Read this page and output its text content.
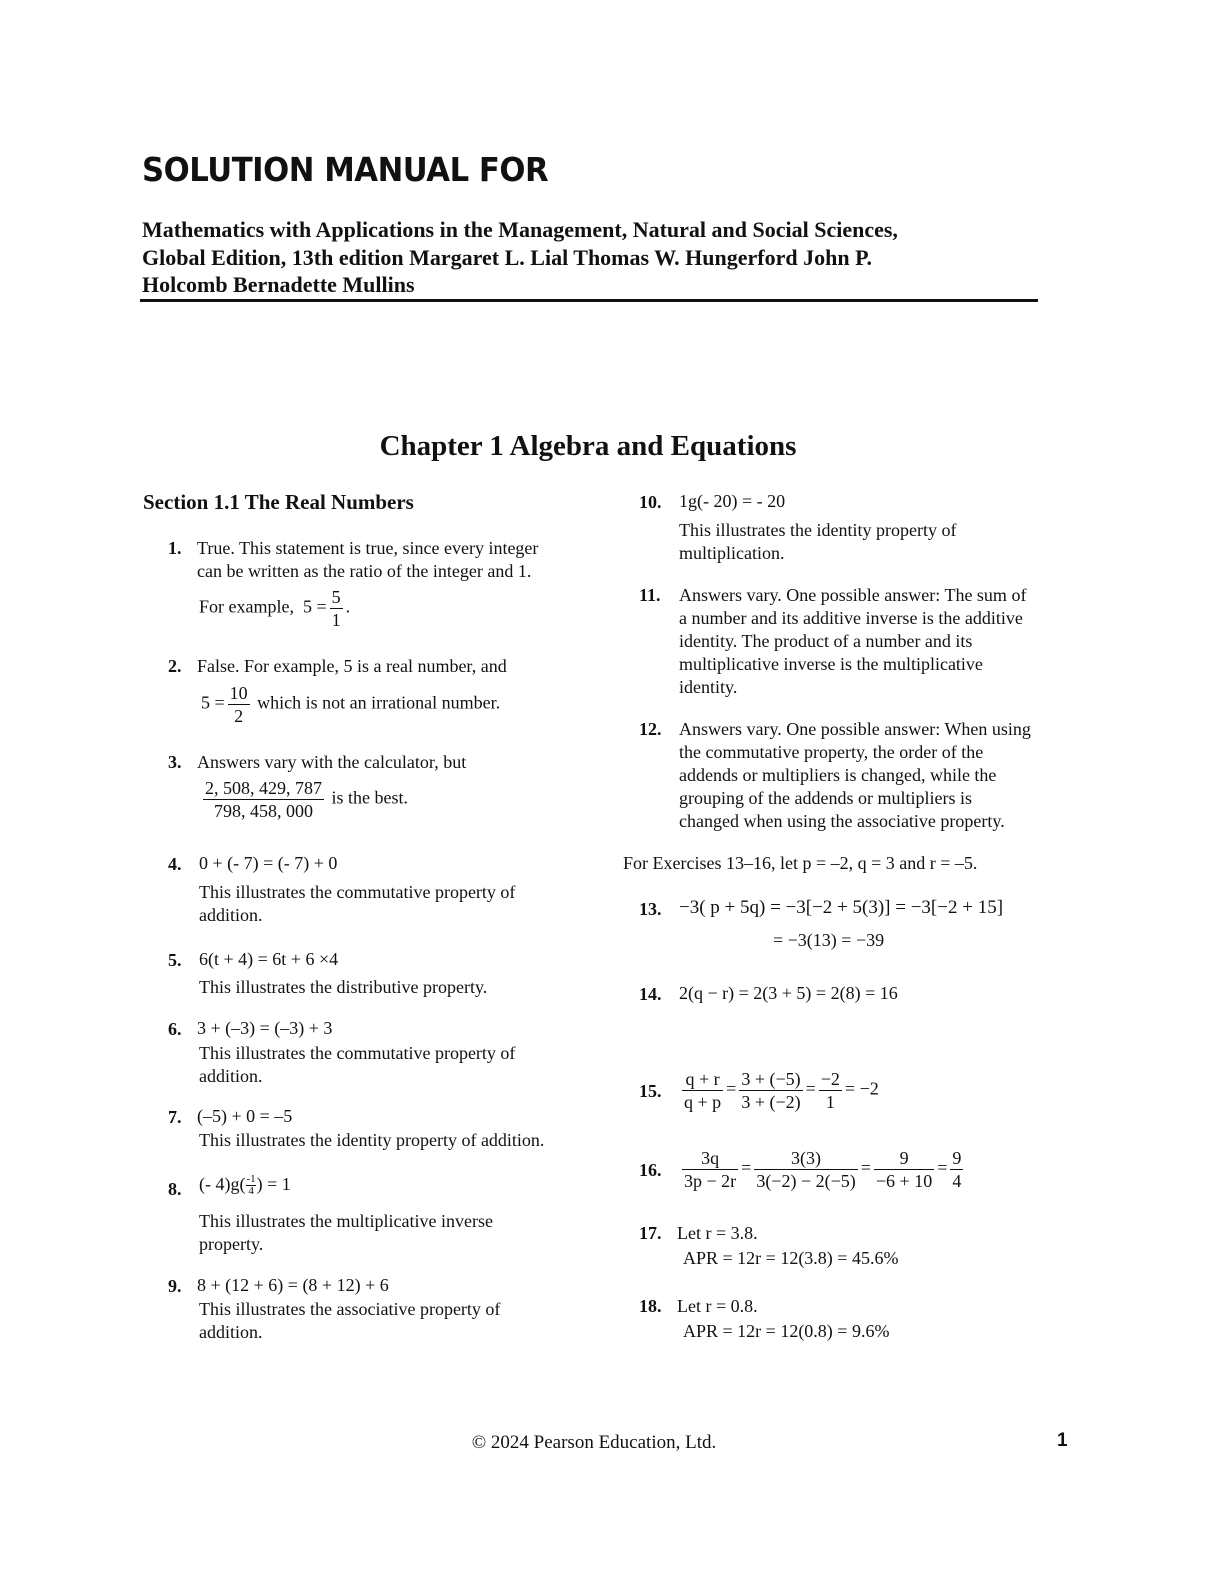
SOLUTION MANUAL FOR
Mathematics with Applications in the Management, Natural and Social Sciences,
Global Edition, 13th edition Margaret L. Lial Thomas W. Hungerford John P.
Holcomb Bernadette Mullins
Chapter 1 Algebra and Equations
Section 1.1 The Real Numbers
1. True. This statement is true, since every integer
can be written as the ratio of the integer and 1.
For example, $5 = \frac{5}{1}$ .
2. False. For example, 5 is a real number, and
$5 = \frac{10}{2}$ which is not an irrational number.
3. Answers vary with the calculator, but
$\frac{2, 508, 429, 787}{798, 458, 000}$ is the best.
4. 0 + (- 7) = (- 7) + 0
This illustrates the commutative property of
addition.
5. 6(t + 4) = 6t + 6 ×4
This illustrates the distributive property.
6. 3 + (–3) = (–3) + 3
This illustrates the commutative property of
addition.
7. (–5) + 0 = –5
This illustrates the identity property of addition.
8. (- $4)g( \frac{-1}{4}$ ) = 1
This illustrates the multiplicative inverse
property.
9. 8 + (12 + 6) = (8 + 12) + 6
This illustrates the associative property of
addition.
10. 1g(- 20) = - 20
This illustrates the identity property of
multiplication.
11. Answers vary. One possible answer: The sum of
a number and its additive inverse is the additive
identity. The product of a number and its
multiplicative inverse is the multiplicative
identity.
12. Answers vary. One possible answer: When using
the commutative property, the order of the
addends or multipliers is changed, while the
grouping of the addends or multipliers is
changed when using the associative property.
For Exercises 13–16, let p = –2, q = 3 and r = –5.
13. −3( p + 5q) = −3[−2 + 5(3)] = −3[−2 + 15]
= −3(13) = −39
14. 2(q − r) = 2(3 + 5) = 2(8) = 16
15. $\frac{q + r}{q + p} = \frac{3 + (-5)}{3 + (-2)} = \frac{-2}{1} = -2$
16. $\frac{3q}{3p - 2r} = \frac{3(3)}{3(-2) - 2(-5)} = \frac{9}{-6 + 10} = \frac{9}{4}$
17. Let r = 3.8.
APR = 12r = 12(3.8) = 45.6%
18. Let r = 0.8.
APR = 12r = 12(0.8) = 9.6%
© 2024 Pearson Education, Ltd.	1
